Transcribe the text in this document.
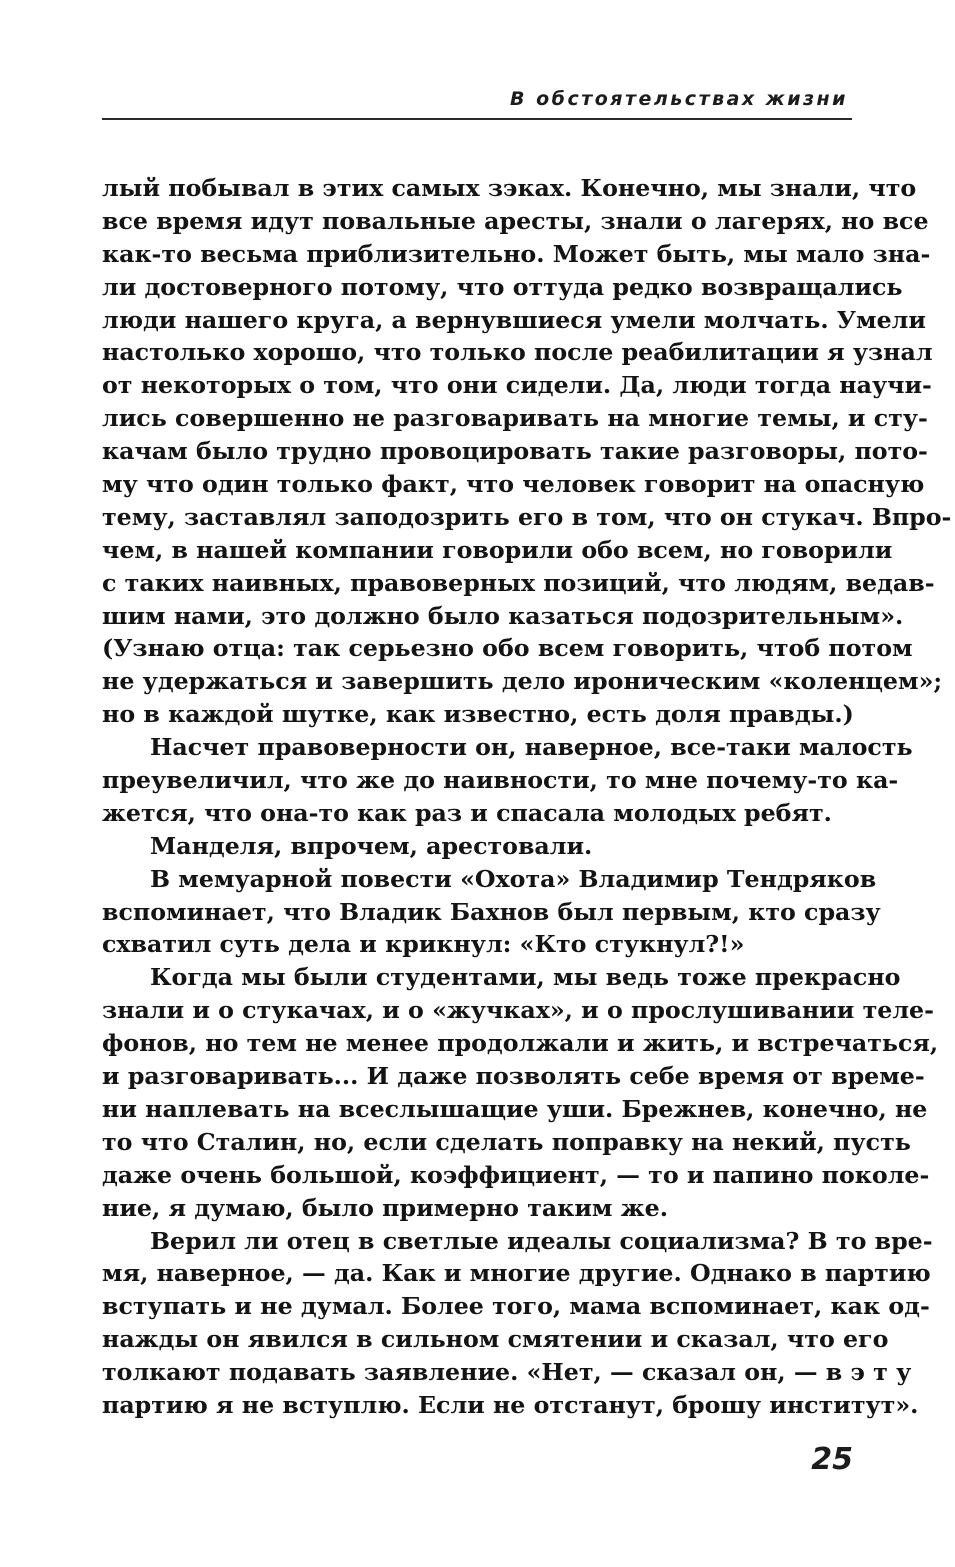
В обстоятельствах жизни
лый побывал в этих самых зэках. Конечно, мы знали, что
все время идут повальные аресты, знали о лагерях, но все
как-то весьма приблизительно. Может быть, мы мало зна-
ли достоверного потому, что оттуда редко возвращались
люди нашего круга, а вернувшиеся умели молчать. Умели
настолько хорошо, что только после реабилитации я узнал
от некоторых о том, что они сидели. Да, люди тогда научи-
лись совершенно не разговаривать на многие темы, и сту-
качам было трудно провоцировать такие разговоры, пото-
му что один только факт, что человек говорит на опасную
тему, заставлял заподозрить его в том, что он стукач. Впро-
чем, в нашей компании говорили обо всем, но говорили
с таких наивных, правоверных позиций, что людям, ведав-
шим нами, это должно было казаться подозрительным».
(Узнаю отца: так серьезно обо всем говорить, чтоб потом
не удержаться и завершить дело ироническим «коленцем»;
но в каждой шутке, как известно, есть доля правды.)
Насчет правоверности он, наверное, все-таки малость
преувеличил, что же до наивности, то мне почему-то ка-
жется, что она-то как раз и спасала молодых ребят.
Манделя, впрочем, арестовали.
В мемуарной повести «Охота» Владимир Тендряков
вспоминает, что Владик Бахнов был первым, кто сразу
схватил суть дела и крикнул: «Кто стукнул?!»
Когда мы были студентами, мы ведь тоже прекрасно
знали и о стукачах, и о «жучках», и о прослушивании теле-
фонов, но тем не менее продолжали и жить, и встречаться,
и разговаривать... И даже позволять себе время от време-
ни наплевать на всеслышащие уши. Брежнев, конечно, не
то что Сталин, но, если сделать поправку на некий, пусть
даже очень большой, коэффициент, — то и папино поколе-
ние, я думаю, было примерно таким же.
Верил ли отец в светлые идеалы социализма? В то вре-
мя, наверное, — да. Как и многие другие. Однако в партию
вступать и не думал. Более того, мама вспоминает, как од-
нажды он явился в сильном смятении и сказал, что его
толкают подавать заявление. «Нет, — сказал он, — в э т у
партию я не вступлю. Если не отстанут, брошу институт».
25
